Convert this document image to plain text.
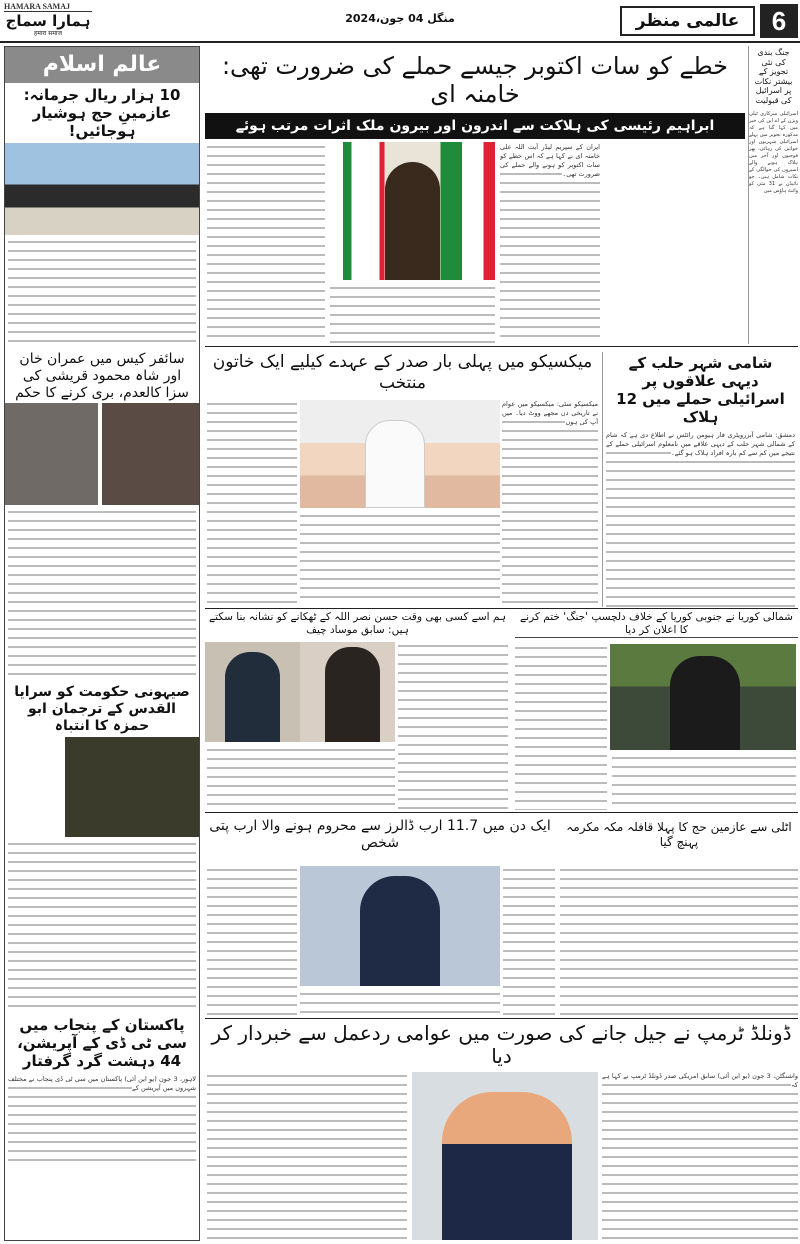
HAMARA SAMAJ
ہمارا سماج
हमारा समाज
منگل 04 جون،2024	عالمی منظر	6
عالم اسلام
10 ہزار ریال جرمانہ: عازمینِ حج ہوشیار ہوجائیں!
سائفر کیس میں عمران خان اور شاہ محمود قریشی کی سزا کالعدم، بری کرنے کا حکم
صیہونی حکومت کو سرایا القدس کے ترجمان ابو حمزہ کا انتباہ
پاکستان کے پنجاب میں سی ٹی ڈی کے آپریشن، 44 دہشت گرد گرفتار
لاہور، 3 جون (یو این آئی) پاکستان میں سی ٹی ڈی پنجاب نے مختلف شہروں میں آپریشن کے
خطے کو سات اکتوبر جیسے حملے کی ضرورت تھی: خامنہ ای
ابراہیم رئیسی کی ہلاکت سے اندرون اور بیرون ملک اثرات مرتب ہوئے
ایران کے سپریم لیڈر آیت اللہ علی خامنہ ای نے کہا ہے کہ اس خطے کو سات اکتوبر کو ہونے والے حملے کی ضرورت تھی۔
جنگ بندی کی نئی تجویز کے بیشتر نکات پر اسرائیل کی قبولیت
اسرائیلی سرکاری ٹیلی ویژن کے اے این کی خبر میں کہا گیا ہے کہ مذکورہ تجویز میں پہلے اسرائیلی شہریوں اور خواتین کی رہائی، پھر فوجیوں اور آخر میں ہلاک ہونے والے اسیروں کی حوالگی کے نکات شامل ہیں۔ جو بائیڈن نے 31 مئی کو وائٹ ہاؤس میں
میکسیکو میں پہلی بار صدر کے عہدے کیلیے ایک خاتون منتخب
میکسیکو سٹی: میکسیکو میں عوام نے تاریخی دن مجھے ووٹ دیا۔ میں آپ کی ہوں
شامی شہر حلب کے دیہی علاقوں پر اسرائیلی حملے میں 12 ہلاک
دمشق: شامی آبزرویٹری فار ہیومن رائٹس نے اطلاع دی ہے کہ شام کے شمالی شہر حلب کے دیہی علاقے میں نامعلوم اسرائیلی حملے کے نتیجے میں کم سے کم بارہ افراد ہلاک ہو گئے۔
ہم اسے کسی بھی وقت حسن نصر اللہ کے ٹھکانے کو نشانہ بنا سکتے ہیں: سابق موساد چیف
شمالی کوریا نے جنوبی کوریا کے خلاف دلچسپ 'جنگ' ختم کرنے کا اعلان کر دیا
ایک دن میں 11.7 ارب ڈالرز سے محروم ہونے والا ارب پتی شخص
اٹلی سے عازمین حج کا پہلا قافلہ مکہ مکرمہ پہنچ گیا
ڈونلڈ ٹرمپ نے جیل جانے کی صورت میں عوامی ردعمل سے خبردار کر دیا
واشنگٹن، 3 جون (یو این آئی) سابق امریکی صدر ڈونلڈ ٹرمپ نے کہا ہے کہ
